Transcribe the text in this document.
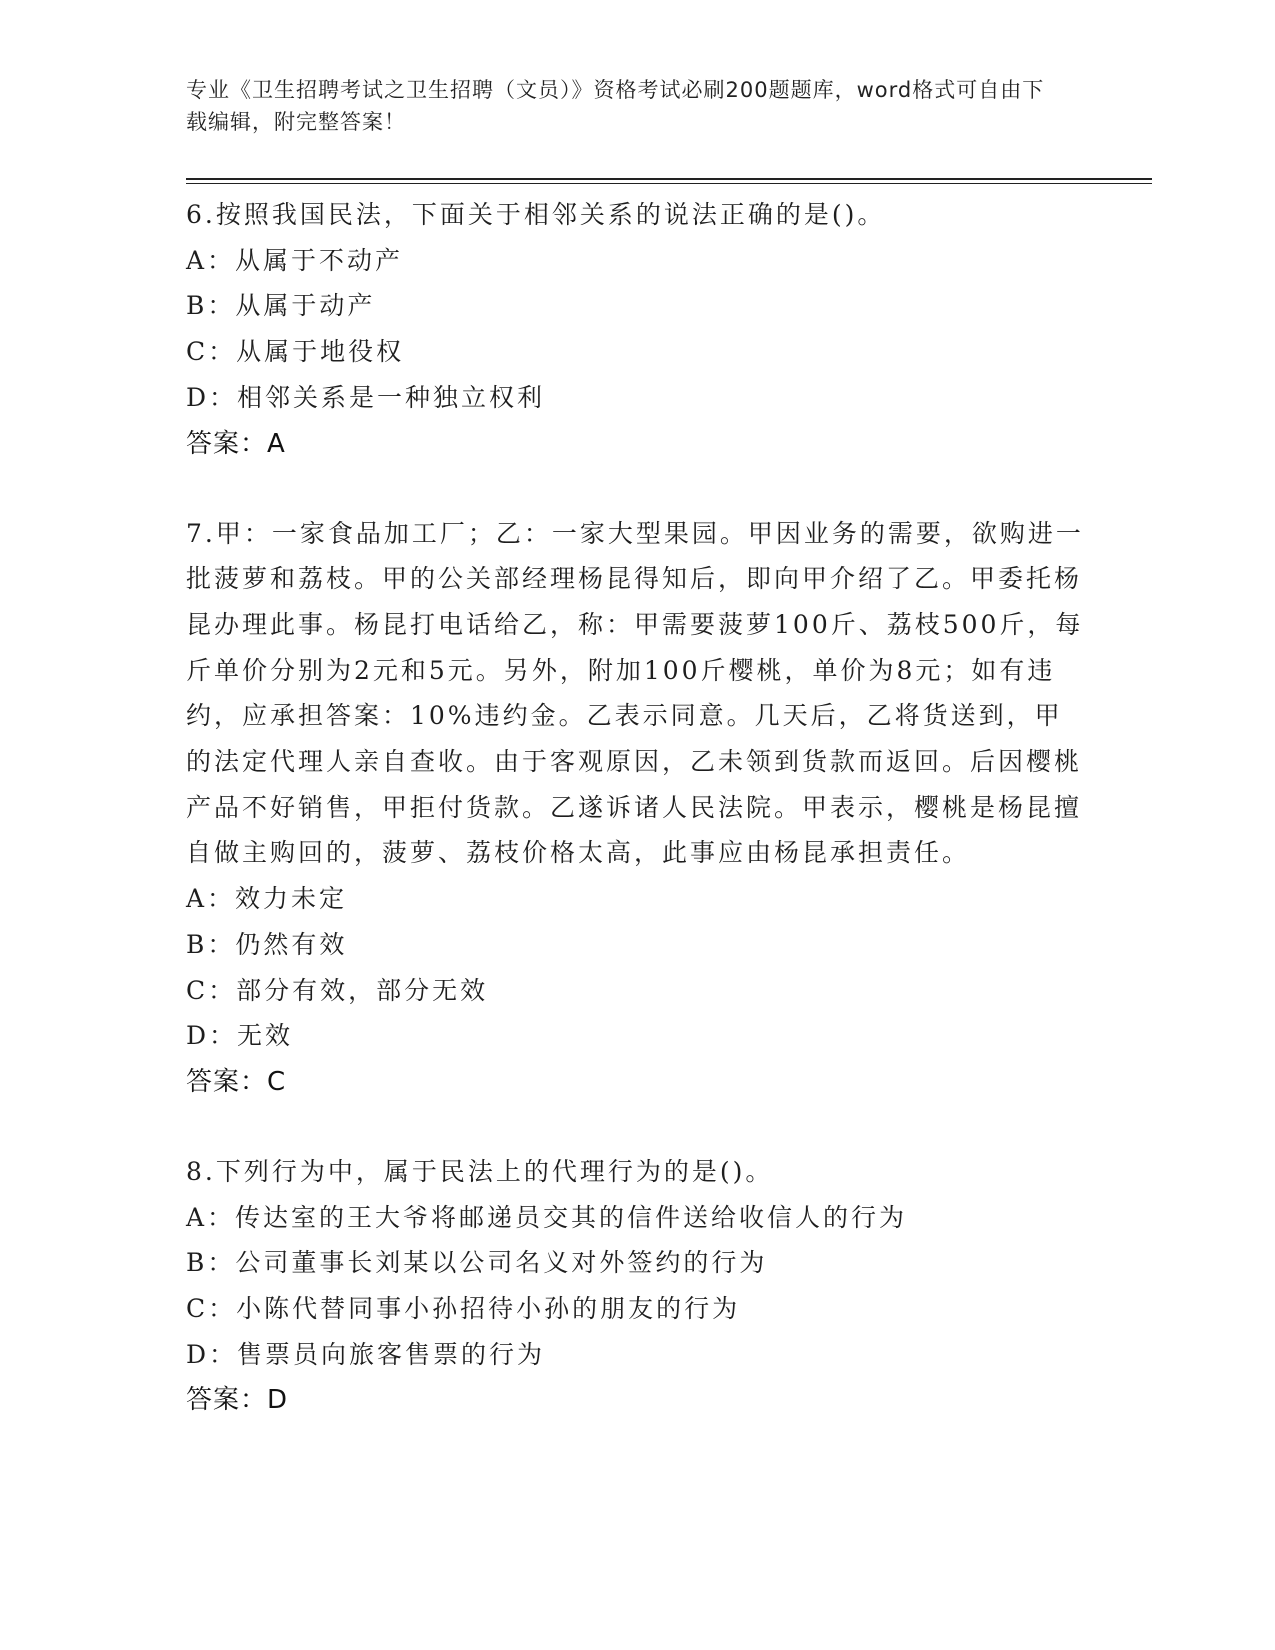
专业《卫生招聘考试之卫生招聘（文员）》资格考试必刷200题题库，word格式可自由下载编辑，附完整答案！

6.按照我国民法，下面关于相邻关系的说法正确的是()。

A：从属于不动产

B：从属于动产

C：从属于地役权

D：相邻关系是一种独立权利

答案：A

7.甲：一家食品加工厂；乙：一家大型果园。甲因业务的需要，欲购进一批菠萝和荔枝。甲的公关部经理杨昆得知后，即向甲介绍了乙。甲委托杨昆办理此事。杨昆打电话给乙，称：甲需要菠萝100斤、荔枝500斤，每斤单价分别为2元和5元。另外，附加100斤樱桃，单价为8元；如有违约，应承担答案：10%违约金。乙表示同意。几天后，乙将货送到，甲的法定代理人亲自查收。由于客观原因，乙未领到货款而返回。后因樱桃产品不好销售，甲拒付货款。乙遂诉诸人民法院。甲表示，樱桃是杨昆擅自做主购回的，菠萝、荔枝价格太高，此事应由杨昆承担责任。

A：效力未定

B：仍然有效

C：部分有效，部分无效

D：无效

答案：C

8.下列行为中，属于民法上的代理行为的是()。

A：传达室的王大爷将邮递员交其的信件送给收信人的行为

B：公司董事长刘某以公司名义对外签约的行为

C：小陈代替同事小孙招待小孙的朋友的行为

D：售票员向旅客售票的行为

答案：D
